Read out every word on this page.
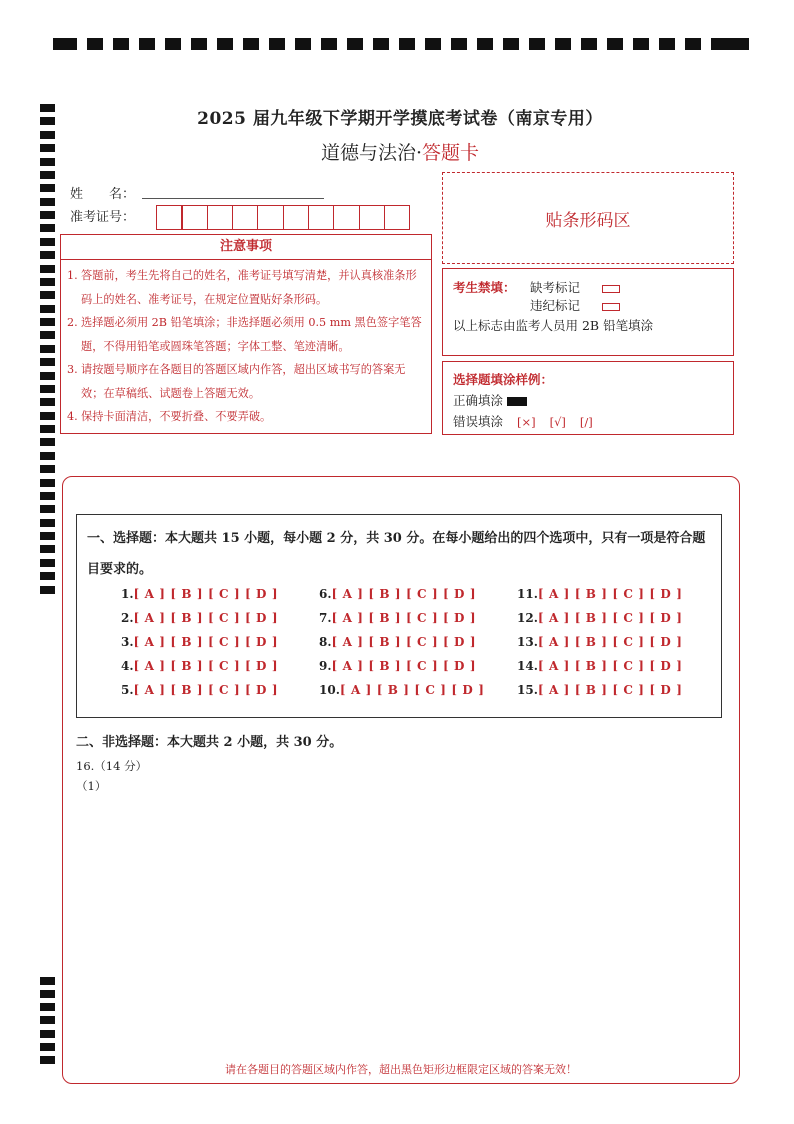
2025 届九年级下学期开学摸底考试卷（南京专用）
道德与法治·答题卡
姓　　名：
准考证号：	贴条形码区
注意事项
1. 答题前，考生先将自己的姓名，准考证号填写清楚，并认真核准条形码上的姓名、准考证号，在规定位置贴好条形码。
2. 选择题必须用 2B 铅笔填涂；非选择题必须用 0.5 mm 黑色签字笔答题，不得用铅笔或圆珠笔答题；字体工整、笔迹清晰。
3. 请按题号顺序在各题目的答题区域内作答，超出区域书写的答案无效；在草稿纸、试题卷上答题无效。
4. 保持卡面清洁，不要折叠、不要弄破。
考生禁填： 缺考标记
违纪标记
以上标志由监考人员用 2B 铅笔填涂
选择题填涂样例：
正确填涂
错误填涂 [×] [√] [/]
一、选择题：本大题共 15 小题，每小题 2 分，共 30 分。在每小题给出的四个选项中，只有一项是符合题目要求的。
1.[ A ] [ B ] [ C ] [ D ]
2.[ A ] [ B ] [ C ] [ D ]
3.[ A ] [ B ] [ C ] [ D ]
4.[ A ] [ B ] [ C ] [ D ]
5.[ A ] [ B ] [ C ] [ D ]
6.[ A ] [ B ] [ C ] [ D ]
7.[ A ] [ B ] [ C ] [ D ]
8.[ A ] [ B ] [ C ] [ D ]
9.[ A ] [ B ] [ C ] [ D ]
10.[ A ] [ B ] [ C ] [ D ]
11.[ A ] [ B ] [ C ] [ D ]
12.[ A ] [ B ] [ C ] [ D ]
13.[ A ] [ B ] [ C ] [ D ]
14.[ A ] [ B ] [ C ] [ D ]
15.[ A ] [ B ] [ C ] [ D ]
二、非选择题：本大题共 2 小题，共 30 分。
16.（14 分）
（1）
请在各题目的答题区域内作答，超出黑色矩形边框限定区域的答案无效！
